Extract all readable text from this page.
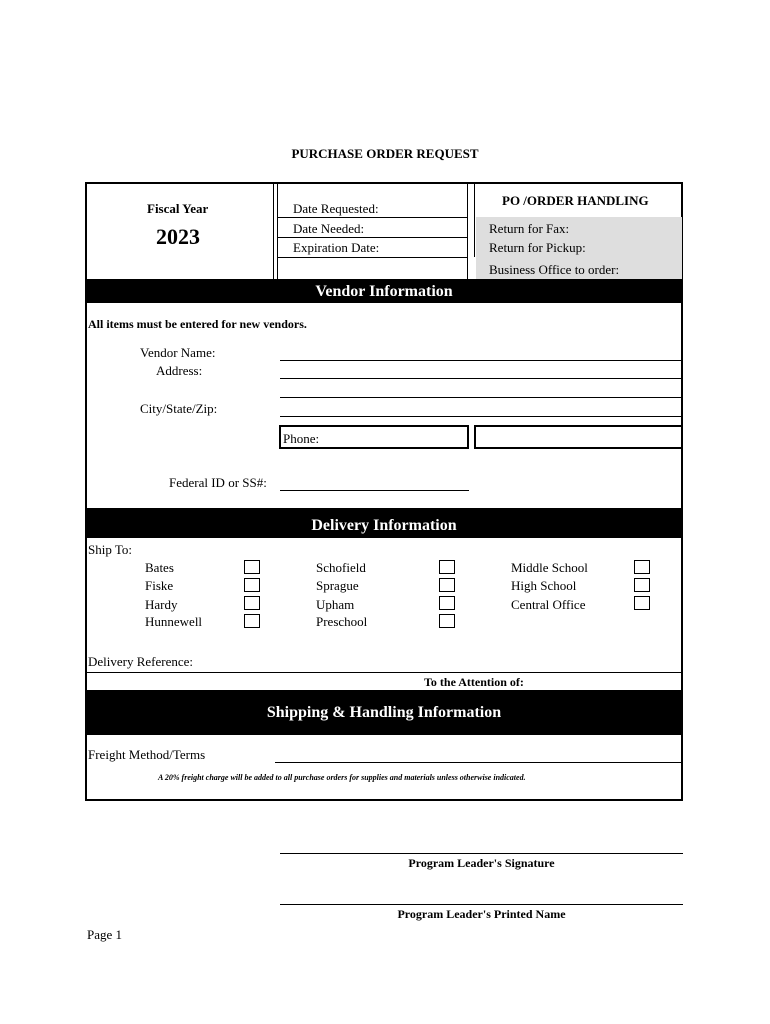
PURCHASE ORDER REQUEST
Fiscal Year
2023
Date Requested:
Date Needed:
Expiration Date:
PO /ORDER HANDLING
Return for Fax:
Return for Pickup:
Business Office to order:
Vendor Information
All items must be entered for new vendors.
Vendor Name:
Address:
City/State/Zip:
Phone:
Federal ID or SS#:
Delivery Information
Ship To:
Bates
Fiske
Hardy
Hunnewell
Schofield
Sprague
Upham
Preschool
Middle School
High School
Central Office
Delivery Reference:
To the Attention of:
Shipping & Handling Information
Freight Method/Terms
A 20% freight charge will be added to all purchase orders for supplies and materials unless otherwise indicated.
Program Leader's Signature
Program Leader's Printed Name
Page 1
